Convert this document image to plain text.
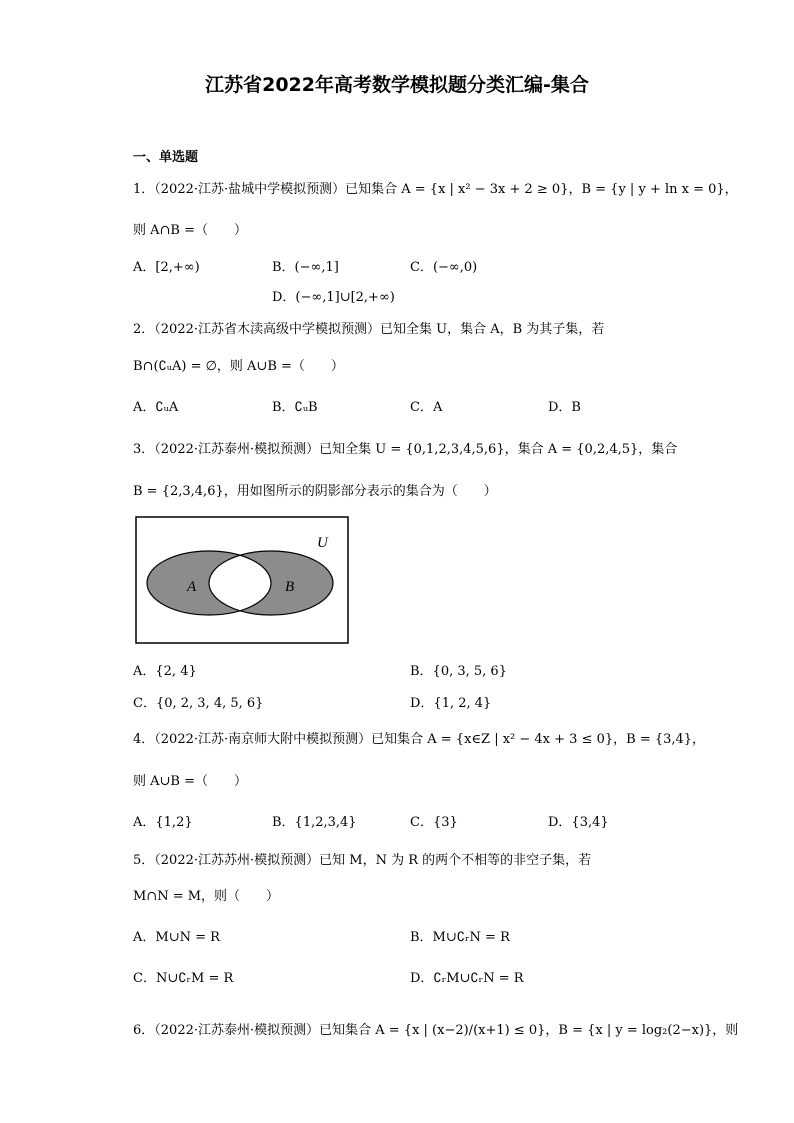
江苏省2022年高考数学模拟题分类汇编-集合
一、单选题
1．（2022·江苏·盐城中学模拟预测）已知集合 A = {x | x² − 3x + 2 ≥ 0}，B = {y | y + ln x = 0}，
则 A∩B =（　　）
A．[2,+∞)	B．(−∞,1]	C．(−∞,0)
D．(−∞,1]∪[2,+∞)
2．（2022·江苏省木渎高级中学模拟预测）已知全集 U，集合 A，B 为其子集，若
B∩(∁ᵤA) = ∅，则 A∪B =（　　）
A．∁ᵤA	B．∁ᵤB	C．A	D．B
3．（2022·江苏泰州·模拟预测）已知全集 U = {0,1,2,3,4,5,6}，集合 A = {0,2,4,5}，集合
B = {2,3,4,6}，用如图所示的阴影部分表示的集合为（　　）
U
A	B
A．{2, 4}	B．{0, 3, 5, 6}
C．{0, 2, 3, 4, 5, 6}	D．{1, 2, 4}
4．（2022·江苏·南京师大附中模拟预测）已知集合 A = {x∈Z | x² − 4x + 3 ≤ 0}，B = {3,4}，
则 A∪B =（　　）
A．{1,2}	B．{1,2,3,4}	C．{3}	D．{3,4}
5．（2022·江苏苏州·模拟预测）已知 M，N 为 R 的两个不相等的非空子集，若
M∩N = M，则（　　）
A．M∪N = R	B．M∪∁ᵣN = R
C．N∪∁ᵣM = R	D．∁ᵣM∪∁ᵣN = R
6．（2022·江苏泰州·模拟预测）已知集合 A = {x | (x−2)/(x+1) ≤ 0}，B = {x | y = log₂(2−x)}，则
